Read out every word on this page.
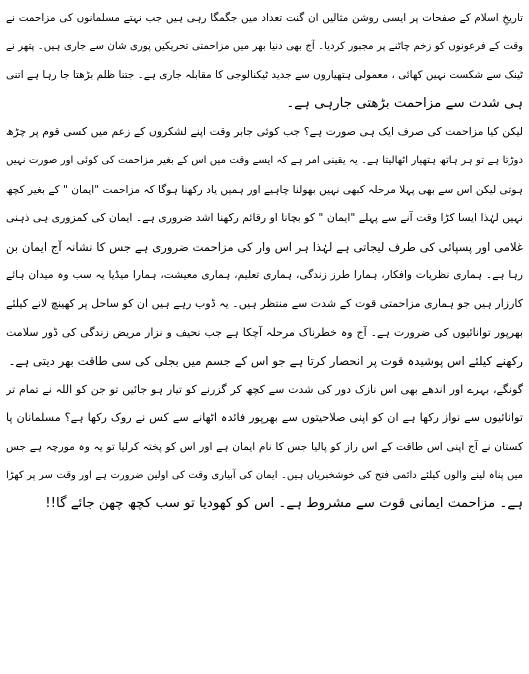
تاریخِ اسلام کے صفحات پر ایسی روشن مثالیں ان گنت تعداد میں جگمگا رہی ہیں جب نہتے مسلمانوں کی مزاحمت نے
وقت کے فرعونوں کو زخم چاٹنے پر مجبور کردیا۔ آج بھی دنیا بھر میں مزاحمتی تحریکیں پوری شان سے جاری ہیں۔ پتھر نے
ٹینک سے شکست نہیں کھائی ، معمولی ہتھیاروں سے جدید ٹیکنالوجی کا مقابلہ جاری ہے۔ جتنا ظلم بڑھتا جا رہا ہے اتنی
ہی شدت سے مزاحمت بڑھتی جارہی ہے۔
لیکن کیا مزاحمت کی صرف ایک ہی صورت ہے؟ جب کوئی جابر وقت اپنے لشکروں کے زعم میں کسی قوم پر چڑھ
دوڑتا ہے تو ہر ہاتھ ہتھیار اٹھالیتا ہے۔ یہ یقینی امر ہے کہ ایسے وقت میں اس کے بغیر مزاحمت کی کوئی اور صورت نہیں
ہوتی لیکن اس سے بھی پہلا مرحلہ کبھی نہیں بھولنا چاہیے اور ہمیں یاد رکھنا ہوگا کہ مزاحمت "ایمان " کے بغیر کچھ
نہیں لہٰذا ایسا کڑا وقت آنے سے پہلے "ایمان " کو بچانا او رقائم رکھنا اشد ضروری ہے۔ ایمان کی کمزوری ہی ذہنی
غلامی اور پسپائی کی طرف لیجاتی ہے لہٰذا ہر اس وار کی مزاحمت ضروری ہے جس کا نشانہ آج ایمان بن
رہا ہے۔ ہماری نظریات وافکار، ہمارا طرز زندگی، ہماری تعلیم، ہماری معیشت، ہمارا میڈیا یہ سب وہ میدان ہائے
کارزار ہیں جو ہماری مزاحمتی قوت کے شدت سے منتظر ہیں۔ یہ ڈوب رہے ہیں ان کو ساحل پر کھینچ لانے کیلئے
بھرپور توانائیوں کی ضرورت ہے۔ آج وہ خطرناک مرحلہ آچکا ہے جب نحیف و نزار مریض زندگی کی ڈور سلامت
رکھنے کیلئے اس پوشیدہ قوت پر انحصار کرتا ہے جو اس کے جسم میں بجلی کی سی طاقت بھر دیتی ہے۔
گونگے، بہرے اور اندھے بھی اس نازک دور کی شدت سے کچھ کر گزرنے کو تیار ہو جائیں تو جن کو اللہ نے تمام تر
توانائیوں سے نواز رکھا ہے ان کو اپنی صلاحیتوں سے بھرپور فائدہ اٹھانے سے کس نے روک رکھا ہے؟ مسلمانان پا
کستان نے آج اپنی اس طاقت کے اس راز کو پالیا جس کا نام ایمان ہے اور اس کو پختہ کرلیا تو یہ وہ مورچہ ہے جس
میں پناہ لینے والوں کیلئے دائمی فتح کی خوشخبریاں ہیں۔ ایمان کی آبیاری وقت کی اولین ضرورت ہے اور وقت سر پر کھڑا
ہے۔ مزاحمت ایمانی قوت سے مشروط ہے۔ اس کو کھودیا تو سب کچھ چھن جائے گا!!
